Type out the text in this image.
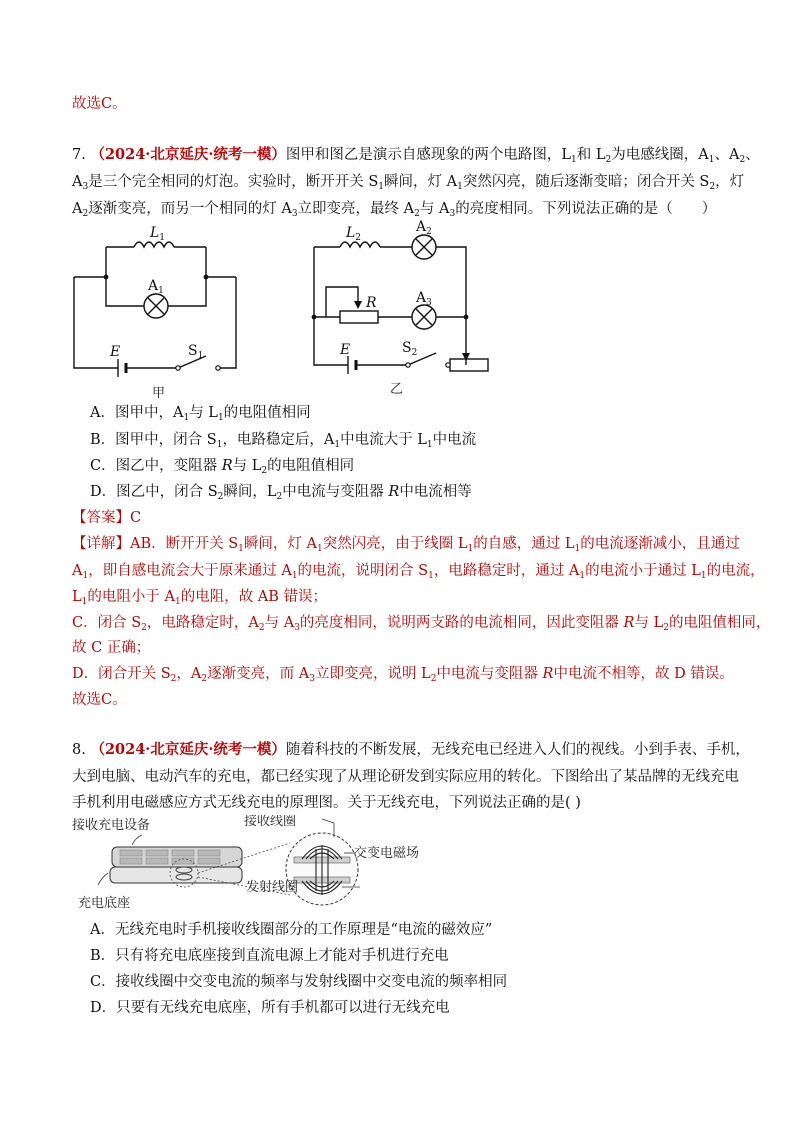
故选C。
7. （2024·北京延庆·统考一模）图甲和图乙是演示自感现象的两个电路图，$L_1$和 $L_2$为电感线圈，$A_1$、$A_2$、
$A_3$是三个完全相同的灯泡。实验时，断开开关 $S_1$瞬间，灯 $A_1$突然闪亮，随后逐渐变暗；闭合开关 $S_2$，灯
$A_2$逐渐变亮，而另一个相同的灯 $A_3$立即变亮，最终 $A_2$与 $A_3$的亮度相同。下列说法正确的是（　　）
$L_1$
$A_1$
E	$S_1$
甲
$L_2$
$A_2$
$A_3$
R
E	$S_2$
乙
A．图甲中，$A_1$与 $L_1$的电阻值相同
B．图甲中，闭合 $S_1$，电路稳定后，$A_1$中电流大于 $L_1$中电流
C．图乙中，变阻器 R与 $L_2$的电阻值相同
D．图乙中，闭合 $S_2$瞬间，$L_2$中电流与变阻器 R中电流相等
【答案】C
【详解】AB．断开开关 $S_1$瞬间，灯 $A_1$突然闪亮，由于线圈 $L_1$的自感，通过 $L_1$的电流逐渐减小，且通过
$A_1$，即自感电流会大于原来通过 $A_1$的电流，说明闭合 $S_1$，电路稳定时，通过 $A_1$的电流小于通过 $L_1$的电流，
$L_1$的电阻小于 $A_1$的电阻，故 AB 错误；
C．闭合 $S_2$，电路稳定时，$A_2$与 $A_3$的亮度相同，说明两支路的电流相同，因此变阻器 R与 $L_2$的电阻值相同，
故 C 正确；
D．闭合开关 $S_2$，$A_2$逐渐变亮，而 $A_3$立即变亮，说明 $L_2$中电流与变阻器 R中电流不相等，故 D 错误。
故选C。
8. （2024·北京延庆·统考一模）随着科技的不断发展，无线充电已经进入人们的视线。小到手表、手机，
大到电脑、电动汽车的充电，都已经实现了从理论研发到实际应用的转化。下图给出了某品牌的无线充电
手机利用电磁感应方式无线充电的原理图。关于无线充电，下列说法正确的是( )
接收充电设备	接收线圈
交变电磁场
发射线圈
充电底座
A．无线充电时手机接收线圈部分的工作原理是“电流的磁效应”
B．只有将充电底座接到直流电源上才能对手机进行充电
C．接收线圈中交变电流的频率与发射线圈中交变电流的频率相同
D．只要有无线充电底座，所有手机都可以进行无线充电
